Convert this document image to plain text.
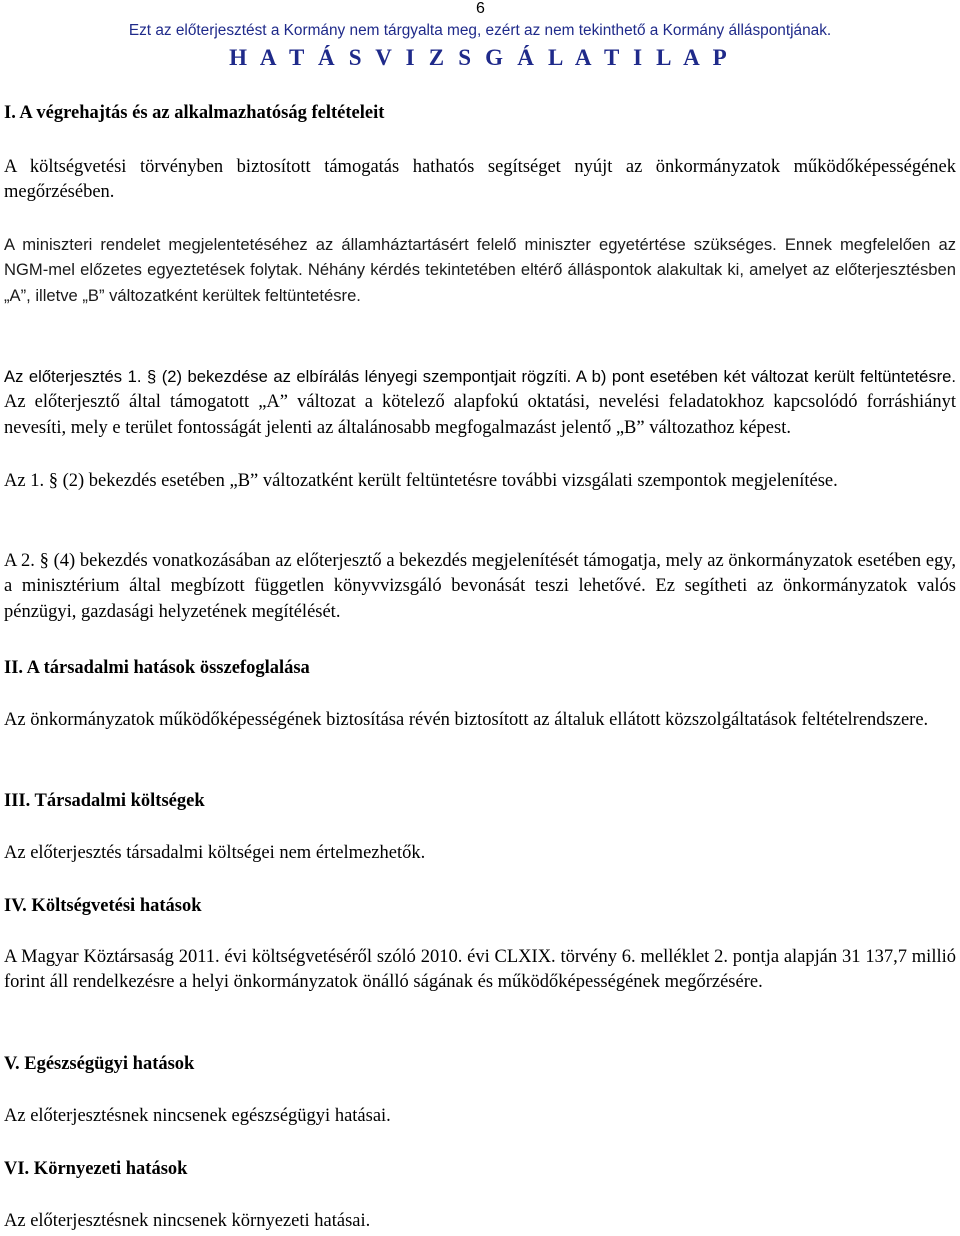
6
Ezt az előterjesztést a Kormány nem tárgyalta meg, ezért az nem tekinthető a Kormány álláspontjának.
H A T Á S V I Z S G Á L A T I L A P
I. A végrehajtás és az alkalmazhatóság feltételeit
A költségvetési törvényben biztosított támogatás hathatós segítséget nyújt az önkormányzatok működőképességének megőrzésében.
A miniszteri rendelet megjelentetéséhez az államháztartásért felelő miniszter egyetértése szükséges. Ennek megfelelően az NGM-mel előzetes egyeztetések folytak. Néhány kérdés tekintetében eltérő álláspontok alakultak ki, amelyet az előterjesztésben „A”, illetve „B” változatként kerültek feltüntetésre.
Az előterjesztés 1. § (2) bekezdése az elbírálás lényegi szempontjait rögzíti. A b) pont esetében két változat került feltüntetésre. Az előterjesztő által támogatott „A” változat a kötelező alapfokú oktatási, nevelési feladatokhoz kapcsolódó forráshiányt nevesíti, mely e terület fontosságát jelenti az általánosabb megfogalmazást jelentő „B” változathoz képest.
Az 1. § (2) bekezdés esetében „B” változatként került feltüntetésre további vizsgálati szempontok megjelenítése.
A 2. § (4) bekezdés vonatkozásában az előterjesztő a bekezdés megjelenítését támogatja, mely az önkormányzatok esetében egy, a minisztérium által megbízott független könyvvizsgáló bevonását teszi lehetővé. Ez segítheti az önkormányzatok valós pénzügyi, gazdasági helyzetének megítélését.
II. A társadalmi hatások összefoglalása
Az önkormányzatok működőképességének biztosítása révén biztosított az általuk ellátott közszolgáltatások feltételrendszere.
III. Társadalmi költségek
Az előterjesztés társadalmi költségei nem értelmezhetők.
IV. Költségvetési hatások
A Magyar Köztársaság 2011. évi költségvetéséről szóló 2010. évi CLXIX. törvény 6. melléklet 2. pontja alapján 31 137,7 millió forint áll rendelkezésre a helyi önkormányzatok önálló ságának és működőképességének megőrzésére.
V. Egészségügyi hatások
Az előterjesztésnek nincsenek egészségügyi hatásai.
VI. Környezeti hatások
Az előterjesztésnek nincsenek környezeti hatásai.
